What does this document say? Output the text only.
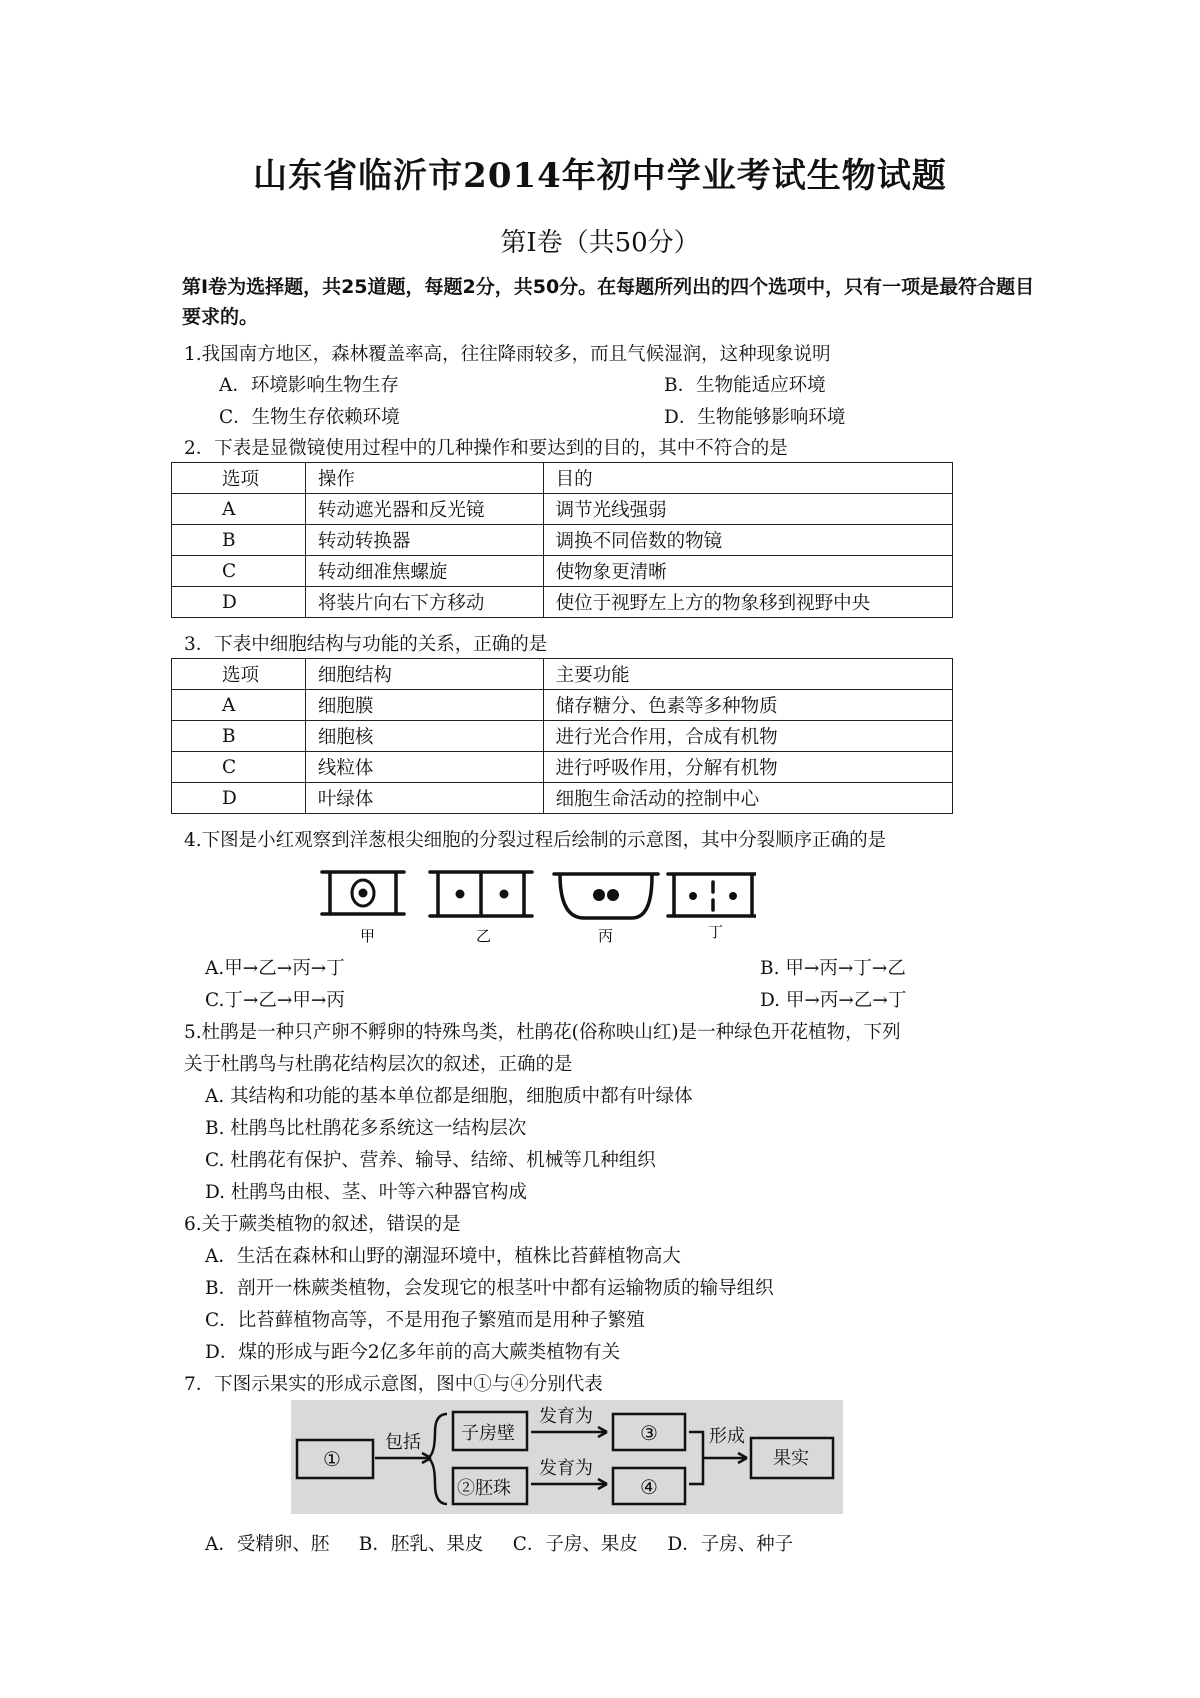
山东省临沂市2014年初中学业考试生物试题
第Ⅰ卷（共50分）
第Ⅰ卷为选择题，共25道题，每题2分，共50分。在每题所列出的四个选项中，只有一项是最符合题目要求的。
1.我国南方地区，森林覆盖率高，往往降雨较多，而且气候湿润，这种现象说明
A．环境影响生物生存	B．生物能适应环境
C．生物生存依赖环境	D．生物能够影响环境
2．下表是显微镜使用过程中的几种操作和要达到的目的，其中不符合的是
选项	操作	目的
A	转动遮光器和反光镜	调节光线强弱
B	转动转换器	调换不同倍数的物镜
C	转动细准焦螺旋	使物象更清晰
D	将装片向右下方移动	使位于视野左上方的物象移到视野中央
3．下表中细胞结构与功能的关系，正确的是
选项	细胞结构	主要功能
A	细胞膜	储存糖分、色素等多种物质
B	细胞核	进行光合作用，合成有机物
C	线粒体	进行呼吸作用，分解有机物
D	叶绿体	细胞生命活动的控制中心
4.下图是小红观察到洋葱根尖细胞的分裂过程后绘制的示意图，其中分裂顺序正确的是
甲	乙	丙	丁
A.甲→乙→丙→丁	B. 甲→丙→丁→乙
C.丁→乙→甲→丙	D. 甲→丙→乙→丁
5.杜鹃是一种只产卵不孵卵的特殊鸟类，杜鹃花(俗称映山红)是一种绿色开花植物，下列
关于杜鹃鸟与杜鹃花结构层次的叙述，正确的是
A. 其结构和功能的基本单位都是细胞，细胞质中都有叶绿体
B. 杜鹃鸟比杜鹃花多系统这一结构层次
C. 杜鹃花有保护、营养、输导、结缔、机械等几种组织
D. 杜鹃鸟由根、茎、叶等六种器官构成
6.关于蕨类植物的叙述，错误的是
A．生活在森林和山野的潮湿环境中，植株比苔藓植物高大
B．剖开一株蕨类植物，会发现它的根茎叶中都有运输物质的输导组织
C．比苔藓植物高等，不是用孢子繁殖而是用种子繁殖
D．煤的形成与距今2亿多年前的高大蕨类植物有关
7．下图示果实的形成示意图，图中①与④分别代表
①
包括 子房壁
②胚珠
发育为
发育为
③
④
形成
果实
A．受精卵、胚     B．胚乳、果皮     C．子房、果皮     D．子房、种子
